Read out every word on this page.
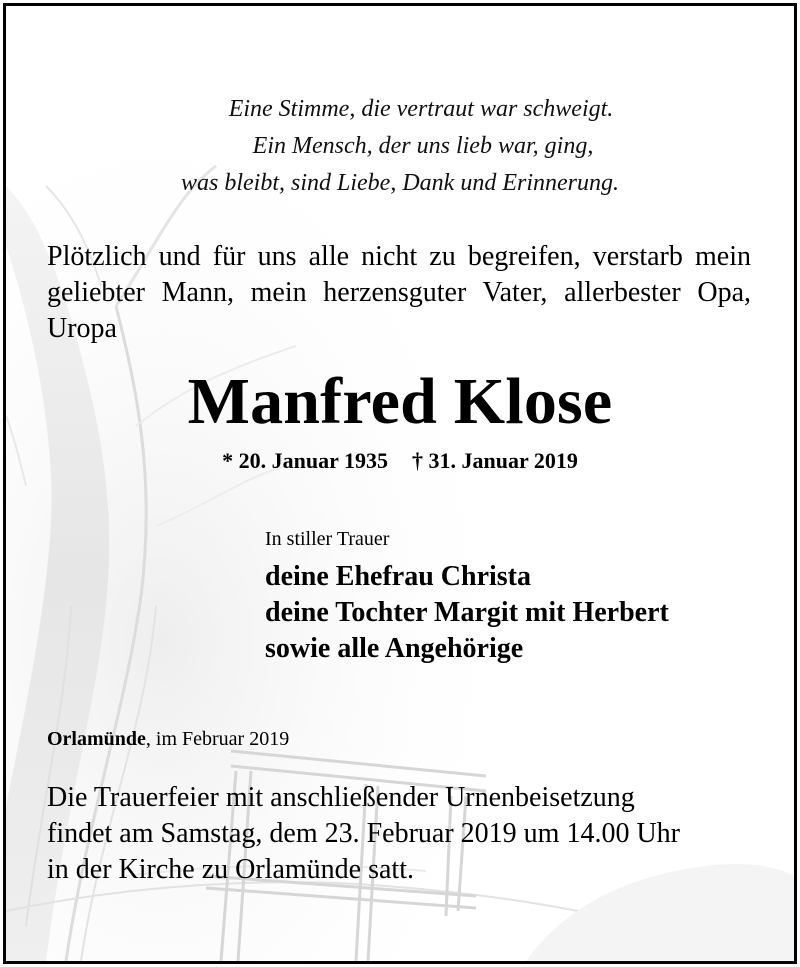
Eine Stimme, die vertraut war schweigt.
Ein Mensch, der uns lieb war, ging,
was bleibt, sind Liebe, Dank und Erinnerung.
Plötzlich und für uns alle nicht zu begreifen, verstarb mein geliebter Mann, mein herzensguter Vater, allerbester Opa, Uropa
Manfred Klose
* 20. Januar 1935 † 31. Januar 2019
In stiller Trauer
deine Ehefrau Christa
deine Tochter Margit mit Herbert
sowie alle Angehörige
Orlamünde, im Februar 2019
Die Trauerfeier mit anschließender Urnenbeisetzung
findet am Samstag, dem 23. Februar 2019 um 14.00 Uhr
in der Kirche zu Orlamünde satt.
